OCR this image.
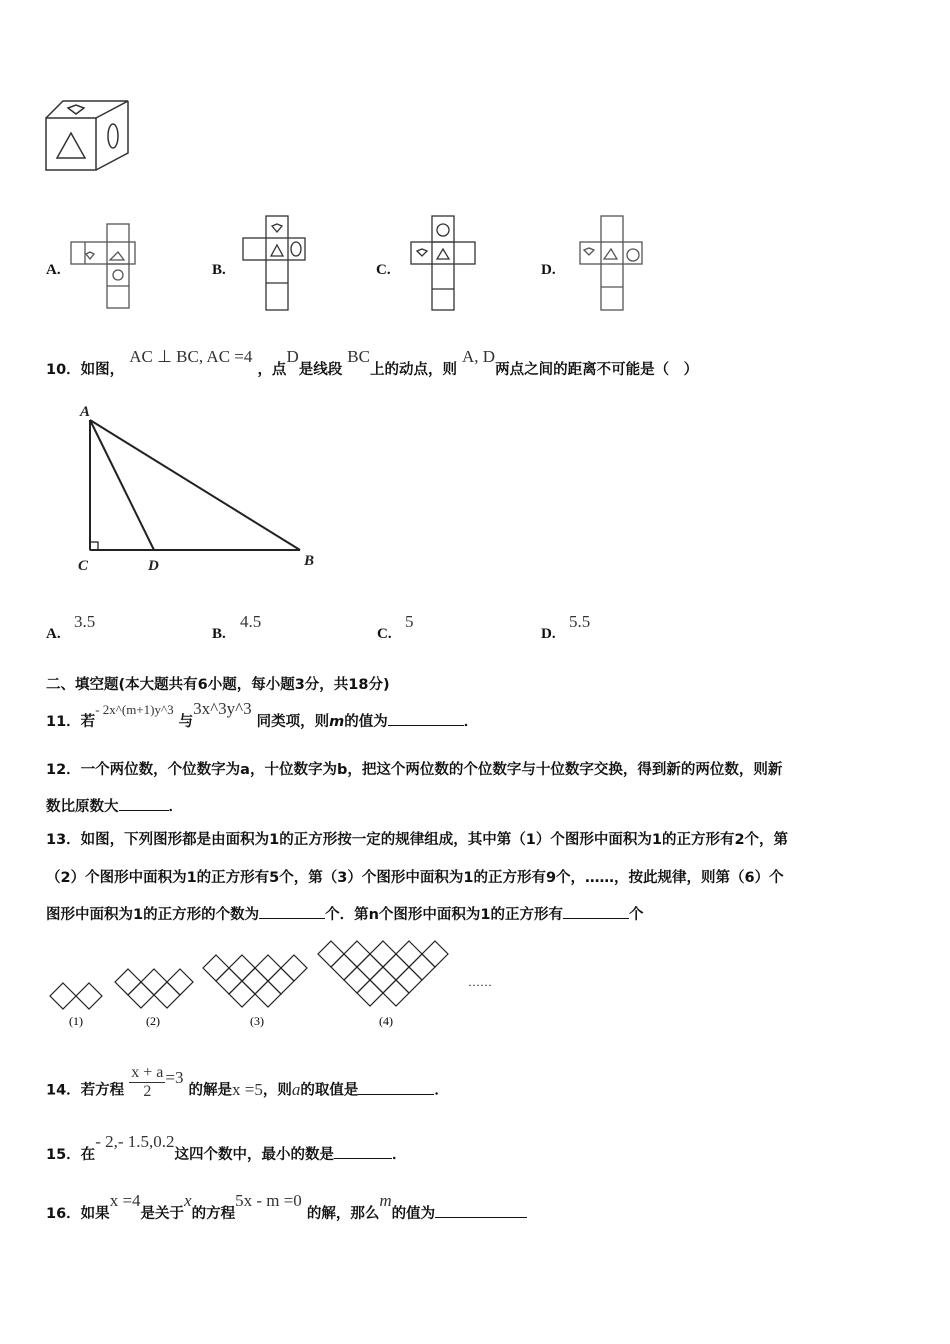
A.	B.	C.	D.
10．如图， AC ⊥ BC, AC =4 ，点D是线段 BC上的动点，则 A, D两点之间的距离不可能是（　）
A
C	D	B
A.
3.5
B.
4.5
C.
5
D.
5.5
二、填空题(本大题共有6小题，每小题3分，共18分)
11．若- 2x^(m+1)y^3 与3x^3y^3 同类项，则m的值为	．
12．一个两位数，个位数字为a，十位数字为b，把这个两位数的个位数字与十位数字交换，得到新的两位数，则新
数比原数大	．
13．如图，下列图形都是由面积为1的正方形按一定的规律组成，其中第（1）个图形中面积为1的正方形有2个，第
（2）个图形中面积为1的正方形有5个，第（3）个图形中面积为1的正方形有9个，……，按此规律，则第（6）个
图形中面积为1的正方形的个数为	个．第n个图形中面积为1的正方形有	个
(1)	(2)	(3)	(4)
……
14．若方程 $\frac{x + a}{2} =3$ 的解是x =5，则a的取值是	．
15．在- 2,- 1.5,0.2这四个数中，最小的数是	．
16．如果x =4是关于x的方程5x - m =0 的解，那么m的值为
